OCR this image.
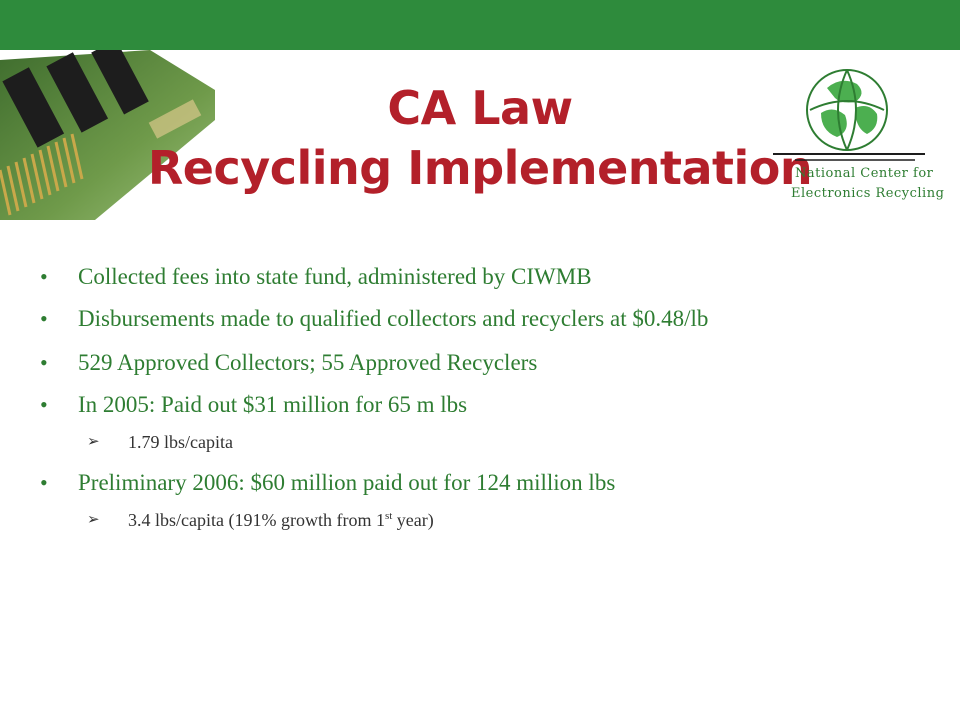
CA Law
Recycling Implementation
National Center for
Electronics Recycling
• Collected fees into state fund, administered by CIWMB
• Disbursements made to qualified collectors and recyclers at $0.48/lb
• 529 Approved Collectors; 55 Approved Recyclers
• In 2005: Paid out $31 million for 65 m lbs
➢ 1.79 lbs/capita
• Preliminary 2006: $60 million paid out for 124 million lbs
➢ 3.4 lbs/capita (191% growth from 1st year)
